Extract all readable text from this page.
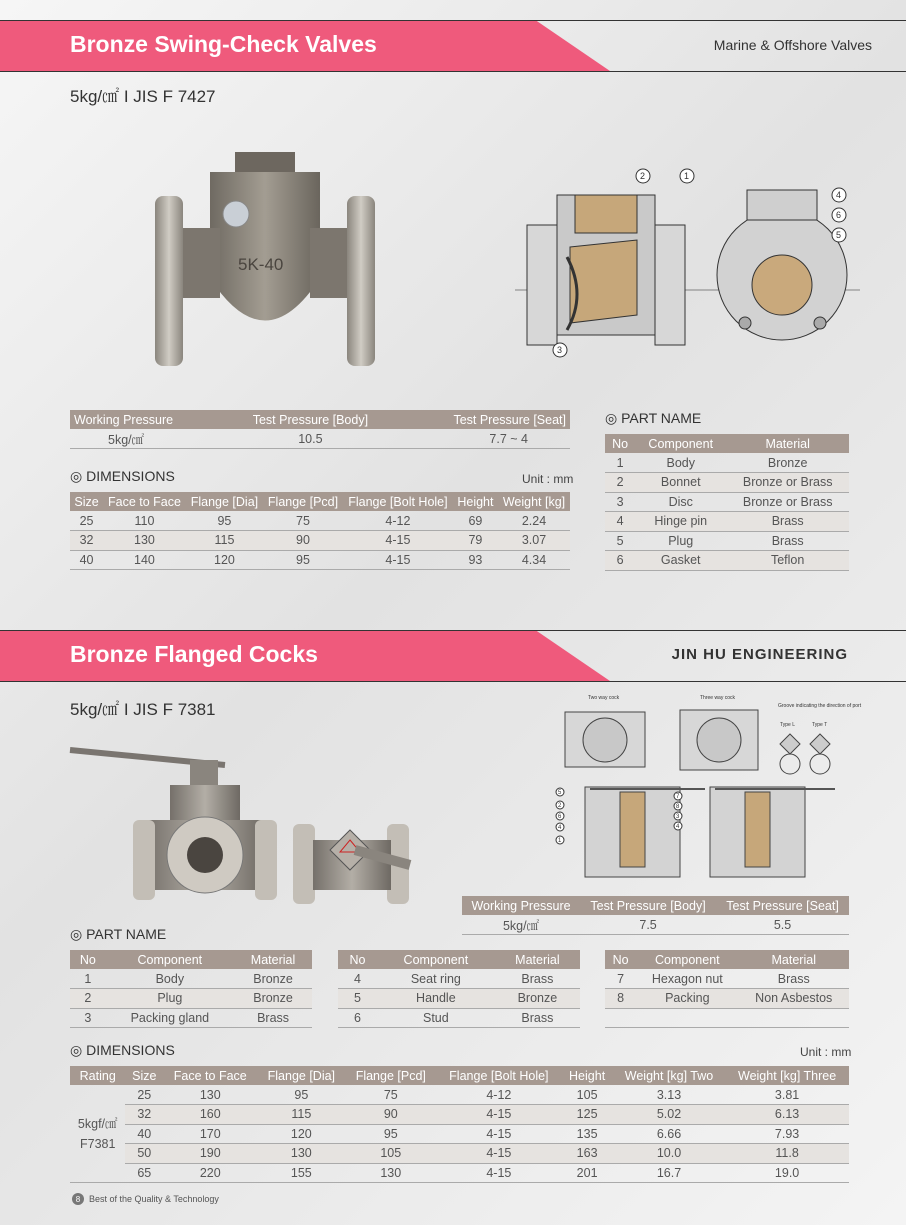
Bronze Swing-Check Valves	Marine & Offshore Valves
5kg/㎠ Ι JIS F 7427
5K-40
1
2
3
4
5
6
Working Pressure	Test Pressure [Body]	Test Pressure [Seat]
5kg/㎠	10.5	7.7 ~ 4
◎ DIMENSIONS	Unit : mm
Size	Face to Face	Flange [Dia]	Flange [Pcd]	Flange [Bolt Hole]	Height	Weight [kg]
25	110	95	75	4-12	69	2.24
32	130	115	90	4-15	79	3.07
40	140	120	95	4-15	93	4.34
◎ PART NAME
No	Component	Material
1	Body	Bronze
2	Bonnet	Bronze or Brass
3	Disc	Bronze or Brass
4	Hinge pin	Brass
5	Plug	Brass
6	Gasket	Teflon
Bronze Flanged Cocks	JIN HU ENGINEERING
5kg/㎠ Ι JIS F 7381
Two way cock	Three way cock
Groove indicating the direction of port
Type L	Type T
5
2
6
4
1
7
8
3
4
Working Pressure	Test Pressure [Body]	Test Pressure [Seat]
5kg/㎠	7.5	5.5
◎ PART NAME
No	Component	Material
1	Body	Bronze
2	Plug	Bronze
3	Packing gland	Brass
No	Component	Material
4	Seat ring	Brass
5	Handle	Bronze
6	Stud	Brass
No	Component	Material
7	Hexagon nut	Brass
8	Packing	Non Asbestos

◎ DIMENSIONS	Unit : mm
Rating	Size	Face to Face	Flange [Dia]	Flange [Pcd]	Flange [Bolt Hole]	Height	Weight [kg] Two	Weight [kg] Three

5kgf/㎠
F7381	25	130	95	75	4-12	105	3.13	3.81
	32	160	115	90	4-15	125	5.02	6.13
	40	170	120	95	4-15	135	6.66	7.93
	50	190	130	105	4-15	163	10.0	11.8
	65	220	155	130	4-15	201	16.7	19.0
8 Best of the Quality & Technology
